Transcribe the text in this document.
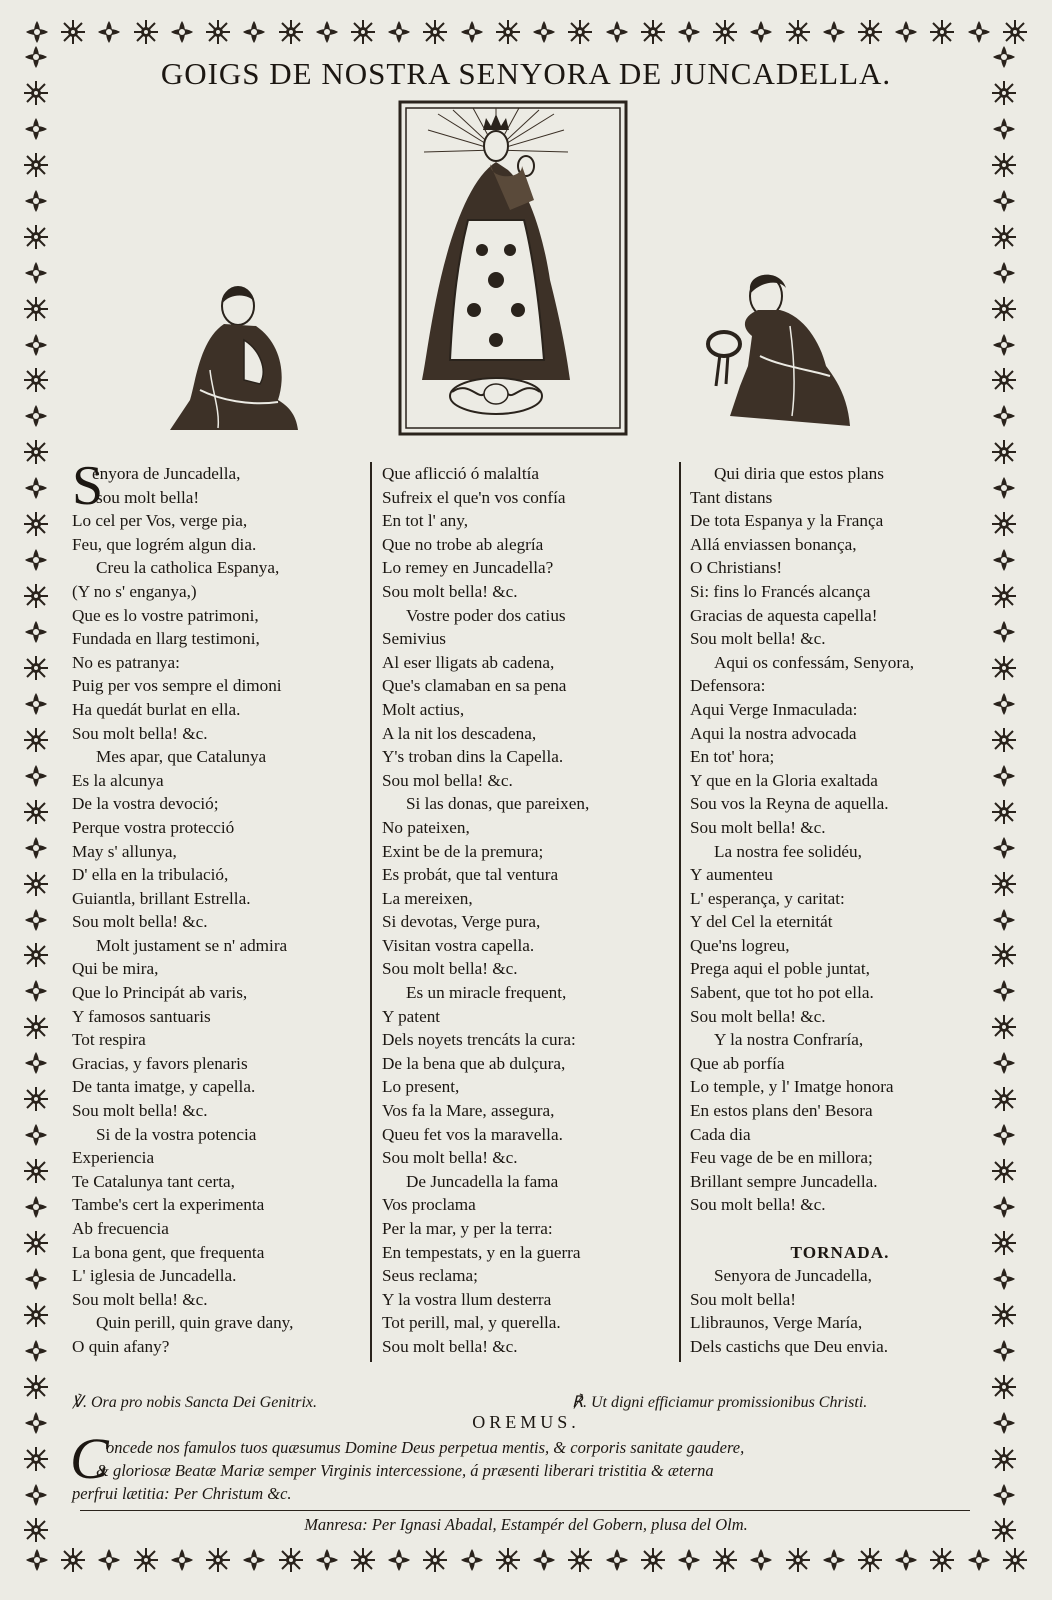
GOIGS DE NOSTRA SENYORA DE JUNCADELLA.
S
enyora de Juncadella,
sou molt bella!
Lo cel per Vos, verge pia,
Feu, que logrém algun dia.
Creu la catholica Espanya,
(Y no s' enganya,)
Que es lo vostre patrimoni,
Fundada en llarg testimoni,
No es patranya:
Puig per vos sempre el dimoni
Ha quedát burlat en ella.
Sou molt bella! &c.
Mes apar, que Catalunya
Es la alcunya
De la vostra devoció;
Perque vostra protecció
May s' allunya,
D' ella en la tribulació,
Guiantla, brillant Estrella.
Sou molt bella! &c.
Molt justament se n' admira
Qui be mira,
Que lo Principát ab varis,
Y famosos santuaris
Tot respira
Gracias, y favors plenaris
De tanta imatge, y capella.
Sou molt bella! &c.
Si de la vostra potencia
Experiencia
Te Catalunya tant certa,
Tambe's cert la experimenta
Ab frecuencia
La bona gent, que frequenta
L' iglesia de Juncadella.
Sou molt bella! &c.
Quin perill, quin grave dany,
O quin afany?
Que aflicció ó malaltía
Sufreix el que'n vos confía
En tot l' any,
Que no trobe ab alegría
Lo remey en Juncadella?
Sou molt bella! &c.
Vostre poder dos catius
Semivius
Al eser lligats ab cadena,
Que's clamaban en sa pena
Molt actius,
A la nit los descadena,
Y's troban dins la Capella.
Sou mol bella! &c.
Si las donas, que pareixen,
No pateixen,
Exint be de la premura;
Es probát, que tal ventura
La mereixen,
Si devotas, Verge pura,
Visitan vostra capella.
Sou molt bella! &c.
Es un miracle frequent,
Y patent
Dels noyets trencáts la cura:
De la bena que ab dulçura,
Lo present,
Vos fa la Mare, assegura,
Queu fet vos la maravella.
Sou molt bella! &c.
De Juncadella la fama
Vos proclama
Per la mar, y per la terra:
En tempestats, y en la guerra
Seus reclama;
Y la vostra llum desterra
Tot perill, mal, y querella.
Sou molt bella! &c.
Qui diria que estos plans
Tant distans
De tota Espanya y la França
Allá enviassen bonança,
O Christians!
Si: fins lo Francés alcança
Gracias de aquesta capella!
Sou molt bella! &c.
Aqui os confessám, Senyora,
Defensora:
Aqui Verge Inmaculada:
Aqui la nostra advocada
En tot' hora;
Y que en la Gloria exaltada
Sou vos la Reyna de aquella.
Sou molt bella! &c.
La nostra fee solidéu,
Y aumenteu
L' esperança, y caritat:
Y del Cel la eternitát
Que'ns logreu,
Prega aqui el poble juntat,
Sabent, que tot ho pot ella.
Sou molt bella! &c.
Y la nostra Confraría,
Que ab porfía
Lo temple, y l' Imatge honora
En estos plans den' Besora
Cada dia
Feu vage de be en millora;
Brillant sempre Juncadella.
Sou molt bella! &c.
TORNADA.
Senyora de Juncadella,
Sou molt bella!
Llibraunos, Verge María,
Dels castichs que Deu envia.
℣. Ora pro nobis Sancta Dei Genitrix.	℟. Ut digni efficiamur promissionibus Christi.
OREMUS.
C
oncede nos famulos tuos quæsumus Domine Deus perpetua mentis, & corporis sanitate gaudere,
& gloriosæ Beatæ Mariæ semper Virginis intercessione, á præsenti liberari tristitia & æterna
perfrui lætitia: Per Christum &c.
Manresa: Per Ignasi Abadal, Estampér del Gobern, plusa del Olm.
